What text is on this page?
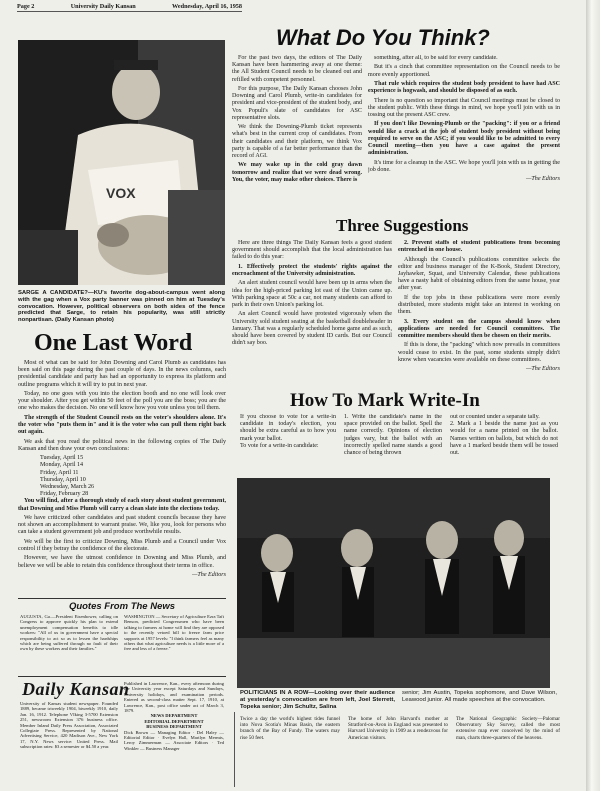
Page 2	University Daily Kansan	Wednesday, April 16, 1958
VOX
SARGE A CANDIDATE?—KU's favorite dog-about-campus went along with the gag when a Vox party banner was pinned on him at Tuesday's convocation. However, political observers on both sides of the fence predicted that Sarge, to retain his popularity, was still strictly nonpartisan. (Daily Kansan photo)
What Do You Think?

For the past two days, the editors of The Daily Kansan have been hammering away at one theme: the All Student Council needs to be cleaned out and refilled with competent personnel.

For this purpose, The Daily Kansan chooses John Downing and Carol Plumb, write-in candidates for president and vice-president of the student body, and Vox Populi's slate of candidates for ASC representative slots.

We think the Downing-Plumb ticket represents what's best in the current crop of candidates. From their candidates and their platform, we think Vox party is capable of a far better performance than the record of AGI.

We may wake up in the cold gray dawn tomorrow and realize that we were dead wrong. You, the voter, may make other choices. There is

something, after all, to be said for every candidate.

But it's a cinch that committee representation on the Council needs to be more evenly apportioned.

That rule which requires the student body president to have had ASC experience is hogwash, and should be disposed of as such.

There is no question so important that Council meetings must be closed to the student public. With these things in mind, we hope you'll join with us in tossing out the present ASC crew.

If you don't like Downing-Plumb or the "packing": if you or a friend would like a crack at the job of student body president without being required to serve on the ASC; if you would like to be admitted to every Council meeting—then you have a case against the present administration.

It's time for a cleanup in the ASC. We hope you'll join with us in getting the job done.

—The Editors
Three Suggestions

Here are three things The Daily Kansan feels a good student government should accomplish that the local administration has failed to do this year:

1. Effectively protect the students' rights against the encroachment of the University administration.

An alert student council would have been up in arms when the idea for the high-priced parking lot east of the Union came up. With parking space at 50c a car, not many students can afford to park in their own Union's parking lot.

An alert Council would have protested vigorously when the University sold student seating at the basketball doubleheader in January. That was a regularly scheduled home game and as such, should have been covered by student ID cards. But our Council didn't say boo.

2. Prevent staffs of student publications from becoming entrenched in one house.

Although the Council's publications committee selects the editor and business manager of the K-Book, Student Directory, Jayhawker, Squat, and University Calendar, these publications have a nasty habit of obtaining editors from the same house, year after year.

If the top jobs in these publications were more evenly distributed, more students might take an interest in working on them.

3. Every student on the campus should know when applications are needed for Council committees. The committee members should then be chosen on their merits.

If this is done, the "packing" which now prevails in committees would cease to exist. In the past, some students simply didn't know when vacancies were available on these committees.

—The Editors
One Last Word

Most of what can be said for John Downing and Carol Plumb as candidates has been said on this page during the past couple of days. In the news columns, each presidential candidate and party has had an opportunity to express its platform and outline programs which it will try to put in next year.

Today, no one goes with you into the election booth and no one will look over your shoulder. After you get within 50 feet of the poll you are the boss; you are the one who makes the decision. No one will know how you vote unless you tell them.

The strength of the Student Council rests on the voter's shoulders alone. It's the voter who "puts them in" and it is the voter who can pull them right back out again.

We ask that you read the political news in the following copies of The Daily Kansan and then draw your own conclusions:

Tuesday, April 15
Monday, April 14
Friday, April 11
Thursday, April 10
Wednesday, March 26
Friday, February 28

You will find, after a thorough study of each story about student government, that Downing and Miss Plumb will carry a clean slate into the elections today.

We have criticized other candidates and past student councils because they have not shown an accomplishment to warrant praise. We, like you, look for persons who can take a student government job and produce worthwhile results.

We will be the first to criticize Downing, Miss Plumb and a Council under Vox control if they betray the confidence of the electorate.

However, we have the utmost confidence in Downing and Miss Plumb, and believe we will be able to retain this confidence throughout their terms in office.

—The Editors
How To Mark Write-In
If you choose to vote for a write-in candidate in today's election, you should be extra careful as to how you mark your ballot.
To vote for a write-in candidate:
1. Write the candidate's name in the space provided on the ballot. Spell the name correctly. Opinions of election judges vary, but the ballot with an incorrectly spelled name stands a good chance of being thrown
out or counted under a separate tally.
2. Mark a 1 beside the name just as you would for a name printed on the ballot. Names written on ballots, but which do not have a 1 marked beside them will be tossed out.
POLITICIANS IN A ROW—Looking over their audience at yesterday's convocation are from left, Joel Sterrett, Topeka senior; Jim Schultz, Salina
senior; Jim Austin, Topeka sophomore, and Dave Wilson, Leawood junior. All made speeches at the convocation.
Quotes From The News
AUGUSTA, Ga.—President Eisenhower, calling on Congress to approve quickly his plan to extend unemployment compensation benefits to idle workers: "All of us in government have a special responsibility to act so as to lessen the hardships which are being suffered through no fault of their own by these workers and their families."
WASHINGTON — Secretary of Agriculture Ezra Taft Benson, predicted Congressmen who have been talking to farmers at home will find they are opposed to the recently vetoed bill to freeze farm price supports at 1957 levels: "I think farmers feel as many others that what agriculture needs is a little more of a free and less of a freeze."
Daily Kansan
University of Kansas student newspaper. Founded 1889, became triweekly 1904, biweekly 1910, daily Jan. 16, 1912. Telephone VIking 3-5700 Extension 251, newsroom Extension 376 business office. Member Inland Daily Press Association, Associated Collegiate Press. Represented by National Advertising Service, 420 Madison Ave., New York 17, N.Y. News service: United Press. Mail subscription rates: $3 a semester or $4.50 a year.
Published in Lawrence, Kan., every afternoon during the University year except Saturdays and Sundays, University holidays, and examination periods. Entered as second-class matter Sept. 17, 1910, at Lawrence, Kan., post office under act of March 3, 1879.
NEWS DEPARTMENT
EDITORIAL DEPARTMENT
BUSINESS DEPARTMENT
Dick Brown — Managing Editor · Del Haley — Editorial Editor · Evelyn Hall, Marilyn Mermis, Leroy Zimmerman — Associate Editors · Ted Winkler — Business Manager
Twice a day the world's highest tides funnel into Nova Scotia's Minas Basin, the eastern branch of the Bay of Fundy. The waters may rise 50 feet.
The home of John Harvard's mother at Stratford-on-Avon in England was presented to Harvard University in 1909 as a rendezvous for American visitors.
The National Geographic Society—Palomar Observatory Sky Survey, called the most extensive map ever conceived by the mind of man, charts three-quarters of the heavens.
